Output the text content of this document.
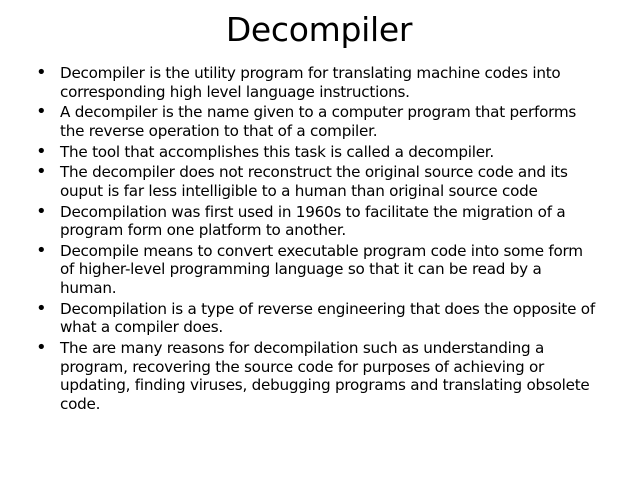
Decompiler
• Decompiler is the utility program for translating machine codes into corresponding high level language instructions.
• A decompiler is the name given to a computer program that performs the reverse operation to that of a compiler.
• The tool that accomplishes this task is called a decompiler.
• The decompiler does not reconstruct the original source code and its ouput is far less intelligible to a human than original source code
• Decompilation was first used in 1960s to facilitate the migration of a program form one platform to another.
• Decompile means to convert executable program code into some form of higher-level programming language so that it can be read by a human.
• Decompilation is a type of reverse engineering that does the opposite of what a compiler does.
• The are many reasons for decompilation such as understanding a program, recovering the source code for purposes of achieving or updating, finding viruses, debugging programs and translating obsolete code.
